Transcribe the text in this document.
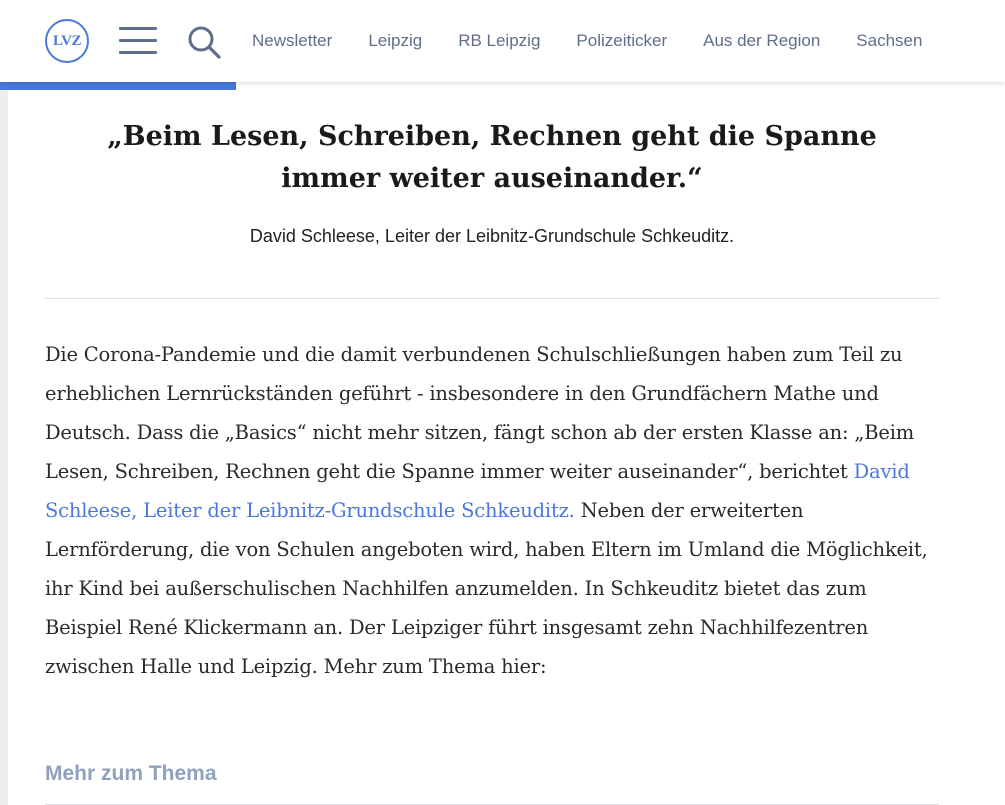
LVZ	Newsletter Leipzig RB Leipzig Polizeiticker Aus der Region Sachsen
„Beim Lesen, Schreiben, Rechnen geht die Spanne
immer weiter auseinander.“
David Schleese, Leiter der Leibnitz-Grundschule Schkeuditz.

Die Corona-Pandemie und die damit verbundenen Schulschließungen haben zum Teil zu erheblichen Lernrückständen geführt - insbesondere in den Grundfächern Mathe und Deutsch. Dass die „Basics“ nicht mehr sitzen, fängt schon ab der ersten Klasse an: „Beim Lesen, Schreiben, Rechnen geht die Spanne immer weiter auseinander“, berichtet David Schleese, Leiter der Leibnitz-Grundschule Schkeuditz. Neben der erweiterten Lernförderung, die von Schulen angeboten wird, haben Eltern im Umland die Möglichkeit, ihr Kind bei außerschulischen Nachhilfen anzumelden. In Schkeuditz bietet das zum Beispiel René Klickermann an. Der Leipziger führt insgesamt zehn Nachhilfezentren zwischen Halle und Leipzig. Mehr zum Thema hier:

Mehr zum Thema
